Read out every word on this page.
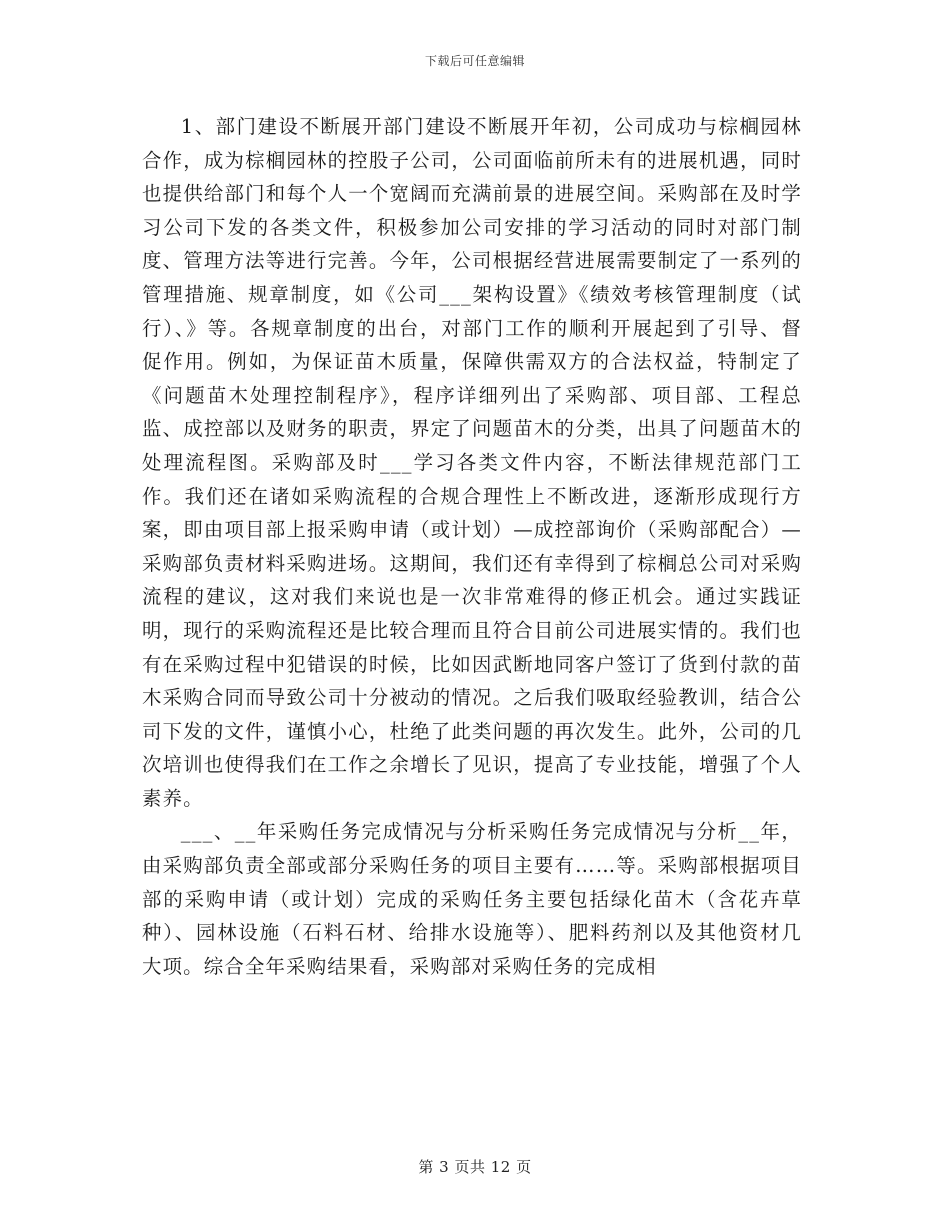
下载后可任意编辑

1、部门建设不断展开部门建设不断展开年初，公司成功与棕榈园林合作，成为棕榈园林的控股子公司，公司面临前所未有的进展机遇，同时也提供给部门和每个人一个宽阔而充满前景的进展空间。采购部在及时学习公司下发的各类文件，积极参加公司安排的学习活动的同时对部门制度、管理方法等进行完善。今年，公司根据经营进展需要制定了一系列的管理措施、规章制度，如《公司___架构设置》《绩效考核管理制度（试行）、》等。各规章制度的出台，对部门工作的顺利开展起到了引导、督促作用。例如，为保证苗木质量，保障供需双方的合法权益，特制定了《问题苗木处理控制程序》，程序详细列出了采购部、项目部、工程总监、成控部以及财务的职责，界定了问题苗木的分类，出具了问题苗木的处理流程图。采购部及时___学习各类文件内容，不断法律规范部门工作。我们还在诸如采购流程的合规合理性上不断改进，逐渐形成现行方案，即由项目部上报采购申请（或计划）—成控部询价（采购部配合）—采购部负责材料采购进场。这期间，我们还有幸得到了棕榈总公司对采购流程的建议，这对我们来说也是一次非常难得的修正机会。通过实践证明，现行的采购流程还是比较合理而且符合目前公司进展实情的。我们也有在采购过程中犯错误的时候，比如因武断地同客户签订了货到付款的苗木采购合同而导致公司十分被动的情况。之后我们吸取经验教训，结合公司下发的文件，谨慎小心，杜绝了此类问题的再次发生。此外，公司的几次培训也使得我们在工作之余增长了见识，提高了专业技能，增强了个人素养。

___、__年采购任务完成情况与分析采购任务完成情况与分析__年，由采购部负责全部或部分采购任务的项目主要有……等。采购部根据项目部的采购申请（或计划）完成的采购任务主要包括绿化苗木（含花卉草种）、园林设施（石料石材、给排水设施等）、肥料药剂以及其他资材几大项。综合全年采购结果看，采购部对采购任务的完成相

第 3 页共 12 页
